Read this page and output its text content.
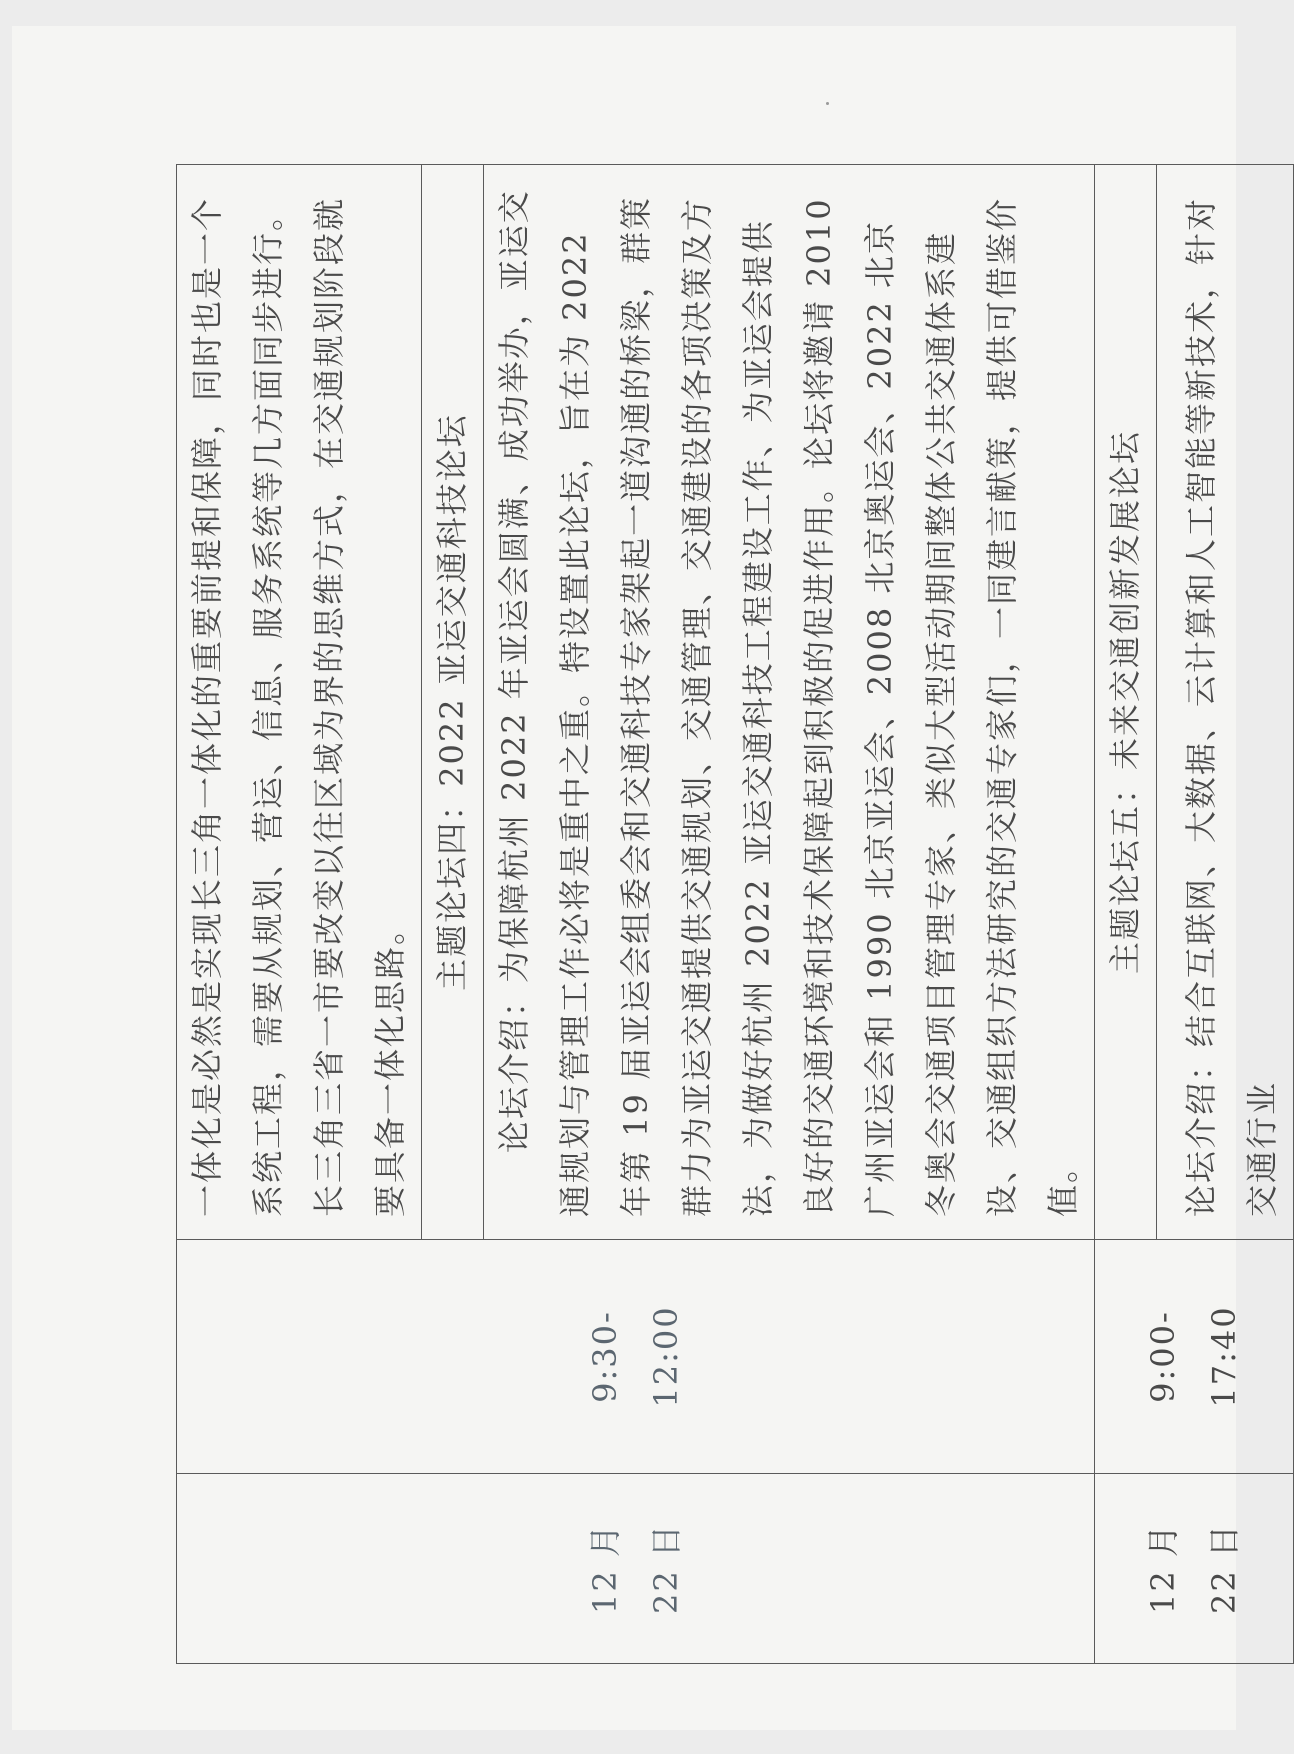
12 月 22 日	9:30-12:00	一体化是必然是实现长三角一体化的重要前提和保障，同时也是一个系统工程，需要从规划、营运、信息、服务系统等几方面同步进行。长三角三省一市要改变以往区域为界的思维方式，在交通规划阶段就要具备一体化思路。
		主题论坛四：2022 亚运交通科技论坛
		论坛介绍：为保障杭州 2022 年亚运会圆满、成功举办，亚运交通规划与管理工作必将是重中之重。特设置此论坛，旨在为 2022 年第 19 届亚运会组委会和交通科技专家架起一道沟通的桥梁，群策群力为亚运交通提供交通规划、交通管理、交通建设的各项决策及方法，为做好杭州 2022 亚运交通科技工程建设工作、为亚运会提供良好的交通环境和技术保障起到积极的促进作用。论坛将邀请 2010 广州亚运会和 1990 北京亚运会、2008 北京奥运会、2022 北京冬奥会交通项目管理专家、类似大型活动期间整体公共交通体系建设、交通组织方法研究的交通专家们，一同建言献策，提供可借鉴价值。
12 月 22 日	9:00-17:40	主题论坛五：未来交通创新发展论坛
		论坛介绍：结合互联网、大数据、云计算和人工智能等新技术，针对交通行业
